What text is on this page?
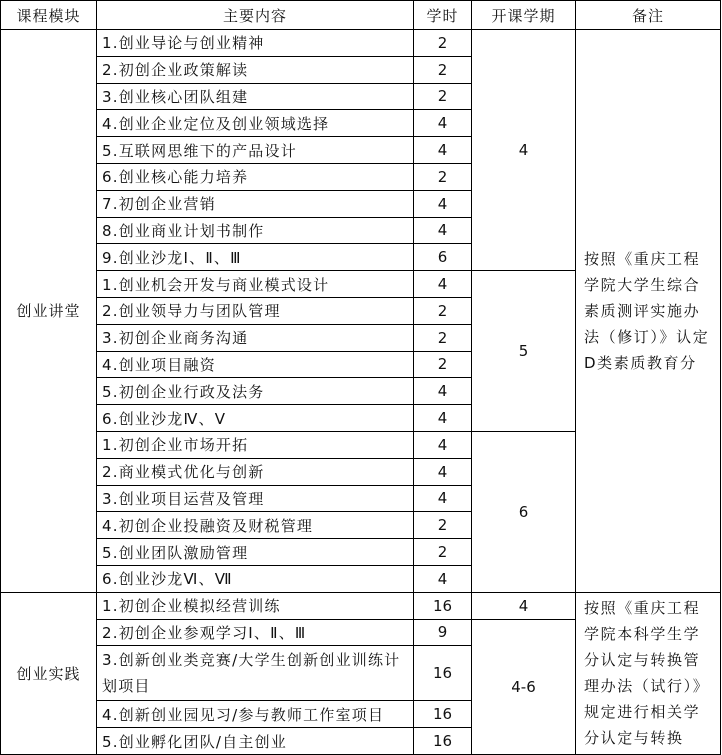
课程模块	主要内容	学时	开课学期	备注
创业讲堂	1.创业导论与创业精神	2	4	按照《重庆工程学院大学生综合素质测评实施办法（修订）》认定D类素质教育分
	2.初创企业政策解读	2		
	3.创业核心团队组建	2		
	4.创业企业定位及创业领域选择	4		
	5.互联网思维下的产品设计	4		
	6.创业核心能力培养	2		
	7.初创企业营销	4		
	8.创业商业计划书制作	4		
	9.创业沙龙Ⅰ、Ⅱ、Ⅲ	6		
	1.创业机会开发与商业模式设计	4	5	
	2.创业领导力与团队管理	2		
	3.初创企业商务沟通	2		
	4.创业项目融资	2		
	5.初创企业行政及法务	4		
	6.创业沙龙Ⅳ、Ⅴ	4		
	1.初创企业市场开拓	4	6	
	2.商业模式优化与创新	4		
	3.创业项目运营及管理	4		
	4.初创企业投融资及财税管理	2		
	5.创业团队激励管理	2		
	6.创业沙龙Ⅵ、Ⅶ	4		
创业实践	1.初创企业模拟经营训练	16	4	按照《重庆工程学院本科学生学分认定与转换管理办法（试行）》规定进行相关学分认定与转换
	2.初创企业参观学习Ⅰ、Ⅱ、Ⅲ	9	4-6	
	3.创新创业类竞赛/大学生创新创业训练计划项目	16		
	4.创新创业园见习/参与教师工作室项目	16		
	5.创业孵化团队/自主创业	16		
